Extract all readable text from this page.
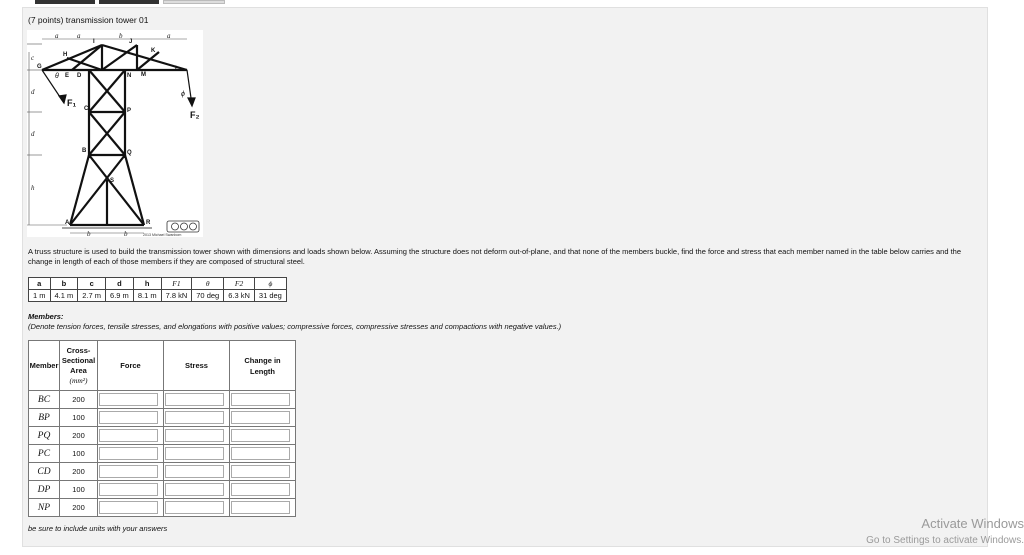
(7 points) transmission tower 01
G
H
I	J
K
L
M
N
D
E
C	P
B	Q
S
A	R
F₁
F₂
θ
ϕ
c
d
d
h
a	a	b	a
b	b	2013 Michael Swanbom
A truss structure is used to build the transmission tower shown with dimensions and loads shown below. Assuming the structure does not deform out-of-plane, and that none of the members buckle, find the force and stress that each member named in the table below carries and the change in length of each of those members if they are composed of structural steel.
a	b	c	d	h	F1	θ	F2	ϕ
1 m	4.1 m	2.7 m	6.9 m	8.1 m	7.8 kN	70 deg	6.3 kN	31 deg
Members:
(Denote tension forces, tensile stresses, and elongations with positive values; compressive forces, compressive stresses and compactions with negative values.)
Member	Cross-
Sectional
Area
(mm²)	Force	Stress	Change in
Length
BC	200	

BP	100	

PQ	200	

PC	100	

CD	200	

DP	100	

NP	200	

be sure to include units with your answers	Activate Windows
Go to Settings to activate Windows.
